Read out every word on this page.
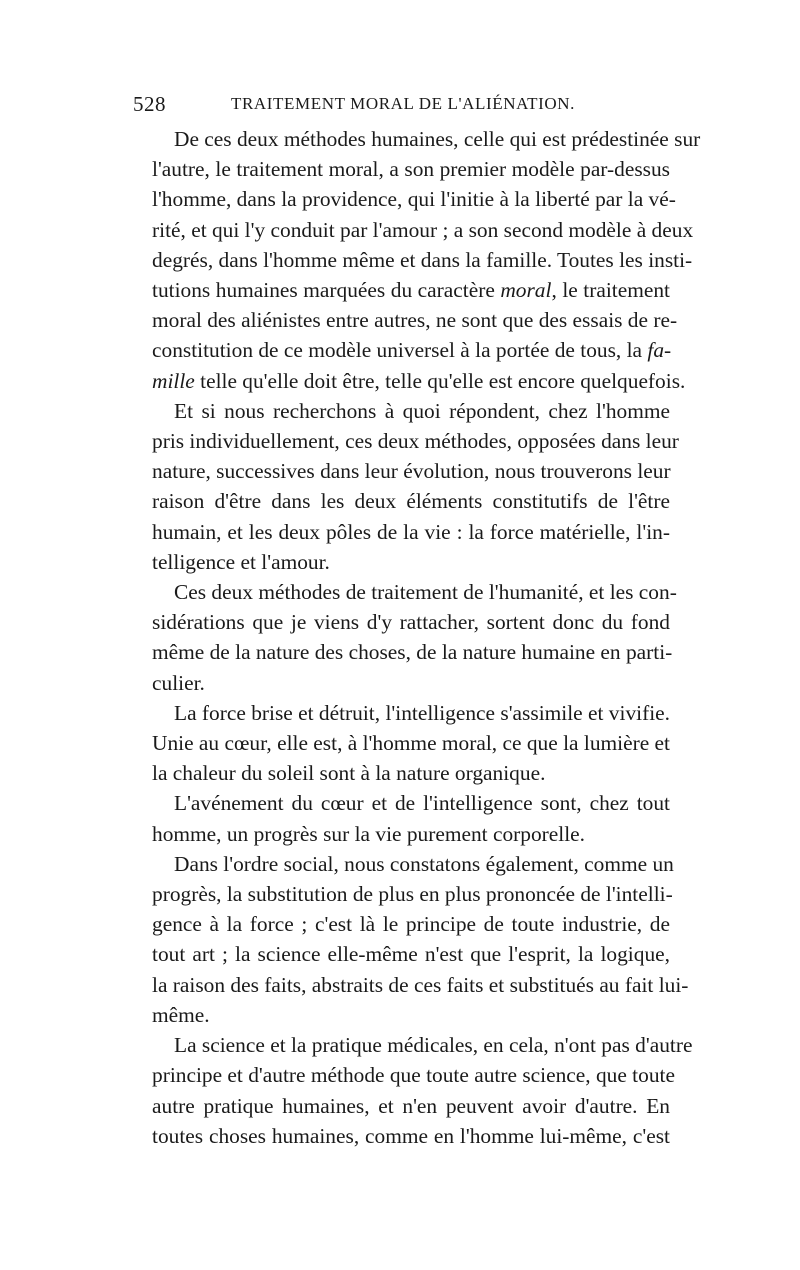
528	TRAITEMENT MORAL DE L'ALIÉNATION.
De ces deux méthodes humaines, celle qui est prédestinée sur
l'autre, le traitement moral, a son premier modèle par-dessus
l'homme, dans la providence, qui l'initie à la liberté par la vé-
rité, et qui l'y conduit par l'amour ; a son second modèle à deux
degrés, dans l'homme même et dans la famille. Toutes les insti-
tutions humaines marquées du caractère moral, le traitement
moral des aliénistes entre autres, ne sont que des essais de re-
constitution de ce modèle universel à la portée de tous, la fa-
mille telle qu'elle doit être, telle qu'elle est encore quelquefois.
Et si nous recherchons à quoi répondent, chez l'homme
pris individuellement, ces deux méthodes, opposées dans leur
nature, successives dans leur évolution, nous trouverons leur
raison d'être dans les deux éléments constitutifs de l'être
humain, et les deux pôles de la vie : la force matérielle, l'in-
telligence et l'amour.
Ces deux méthodes de traitement de l'humanité, et les con-
sidérations que je viens d'y rattacher, sortent donc du fond
même de la nature des choses, de la nature humaine en parti-
culier.
La force brise et détruit, l'intelligence s'assimile et vivifie.
Unie au cœur, elle est, à l'homme moral, ce que la lumière et
la chaleur du soleil sont à la nature organique.
L'avénement du cœur et de l'intelligence sont, chez tout
homme, un progrès sur la vie purement corporelle.
Dans l'ordre social, nous constatons également, comme un
progrès, la substitution de plus en plus prononcée de l'intelli-
gence à la force ; c'est là le principe de toute industrie, de
tout art ; la science elle-même n'est que l'esprit, la logique,
la raison des faits, abstraits de ces faits et substitués au fait lui-
même.
La science et la pratique médicales, en cela, n'ont pas d'autre
principe et d'autre méthode que toute autre science, que toute
autre pratique humaines, et n'en peuvent avoir d'autre. En
toutes choses humaines, comme en l'homme lui-même, c'est
